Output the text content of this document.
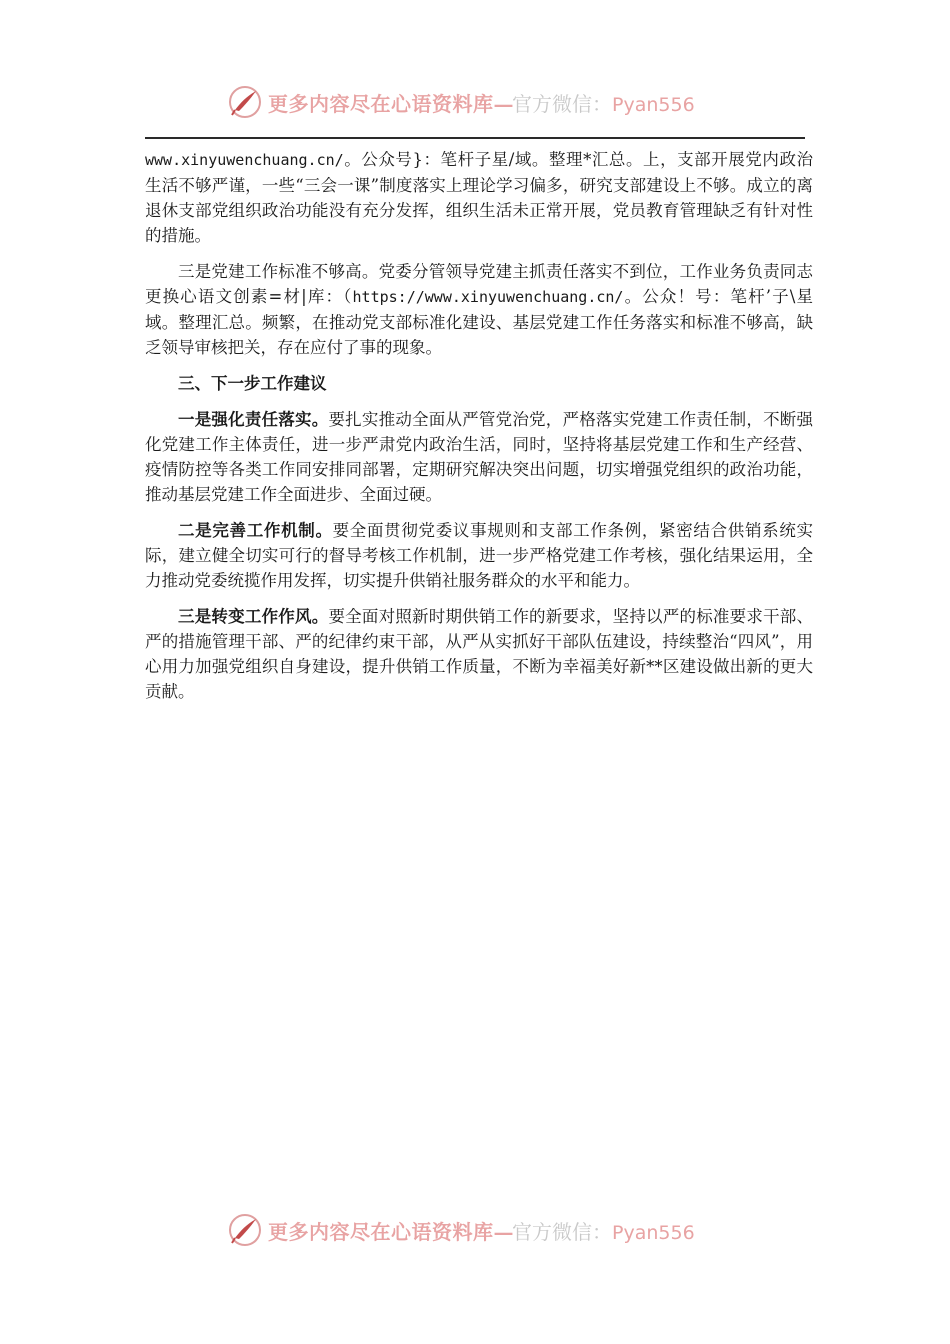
更多内容尽在心语资料库—
官方微信：Pyan556

www.xinyuwenchuang.cn/。公众号}：笔杆子星/域。整理*汇总。上，支部开展党内政治生活不够严谨，一些“三会一课”制度落实上理论学习偏多，研究支部建设上不够。成立的离退休支部党组织政治功能没有充分发挥，组织生活未正常开展，党员教育管理缺乏有针对性的措施。

三是党建工作标准不够高。党委分管领导党建主抓责任落实不到位，工作业务负责同志更换心语文创素=材|库：（https://www.xinyuwenchuang.cn/。公众！号：笔杆’子\星域。整理汇总。频繁，在推动党支部标准化建设、基层党建工作任务落实和标准不够高，缺乏领导审核把关，存在应付了事的现象。

三、下一步工作建议

一是强化责任落实。要扎实推动全面从严管党治党，严格落实党建工作责任制，不断强化党建工作主体责任，进一步严肃党内政治生活，同时，坚持将基层党建工作和生产经营、疫情防控等各类工作同安排同部署，定期研究解决突出问题，切实增强党组织的政治功能，推动基层党建工作全面进步、全面过硬。

二是完善工作机制。要全面贯彻党委议事规则和支部工作条例，紧密结合供销系统实际，建立健全切实可行的督导考核工作机制，进一步严格党建工作考核，强化结果运用，全力推动党委统揽作用发挥，切实提升供销社服务群众的水平和能力。

三是转变工作作风。要全面对照新时期供销工作的新要求，坚持以严的标准要求干部、严的措施管理干部、严的纪律约束干部，从严从实抓好干部队伍建设，持续整治“四风”，用心用力加强党组织自身建设，提升供销工作质量，不断为幸福美好新**区建设做出新的更大贡献。

更多内容尽在心语资料库—
官方微信：Pyan556
